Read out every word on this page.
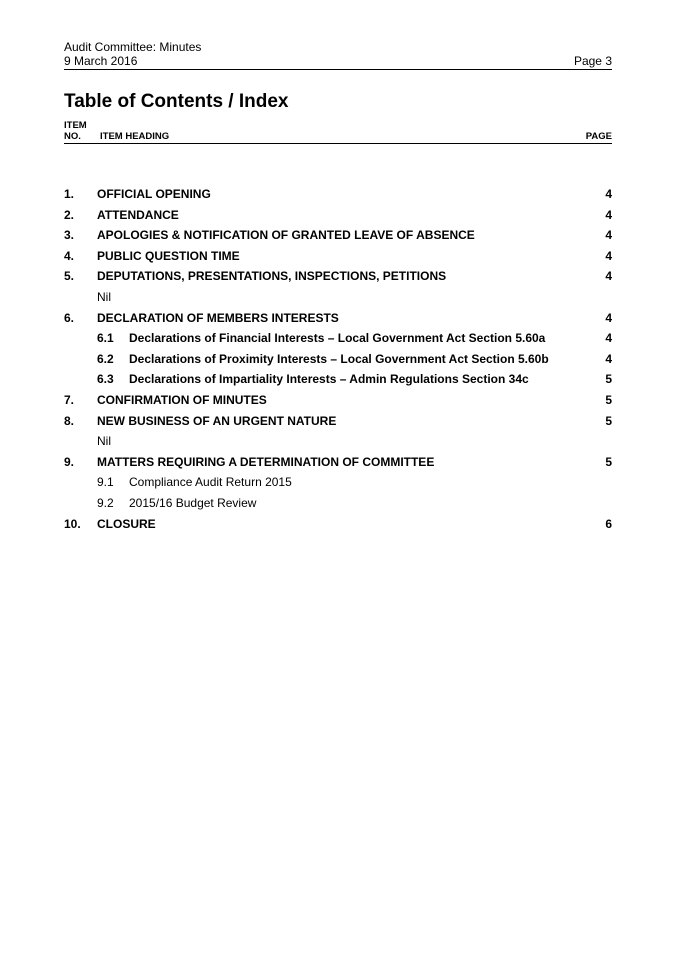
Audit Committee: Minutes
9 March 2016	Page 3
Table of Contents / Index
ITEM
NO.	ITEM HEADING	PAGE
1. OFFICIAL OPENING	4
2. ATTENDANCE	4
3. APOLOGIES & NOTIFICATION OF GRANTED LEAVE OF ABSENCE	4
4. PUBLIC QUESTION TIME	4
5. DEPUTATIONS, PRESENTATIONS, INSPECTIONS, PETITIONS	4
Nil
6. DECLARATION OF MEMBERS INTERESTS	4
6.1 Declarations of Financial Interests – Local Government Act Section 5.60a	4
6.2 Declarations of Proximity Interests – Local Government Act Section 5.60b	4
6.3 Declarations of Impartiality Interests – Admin Regulations Section 34c	5
7. CONFIRMATION OF MINUTES	5
8. NEW BUSINESS OF AN URGENT NATURE	5
Nil
9. MATTERS REQUIRING A DETERMINATION OF COMMITTEE	5
9.1 Compliance Audit Return 2015
9.2 2015/16 Budget Review
10. CLOSURE	6
